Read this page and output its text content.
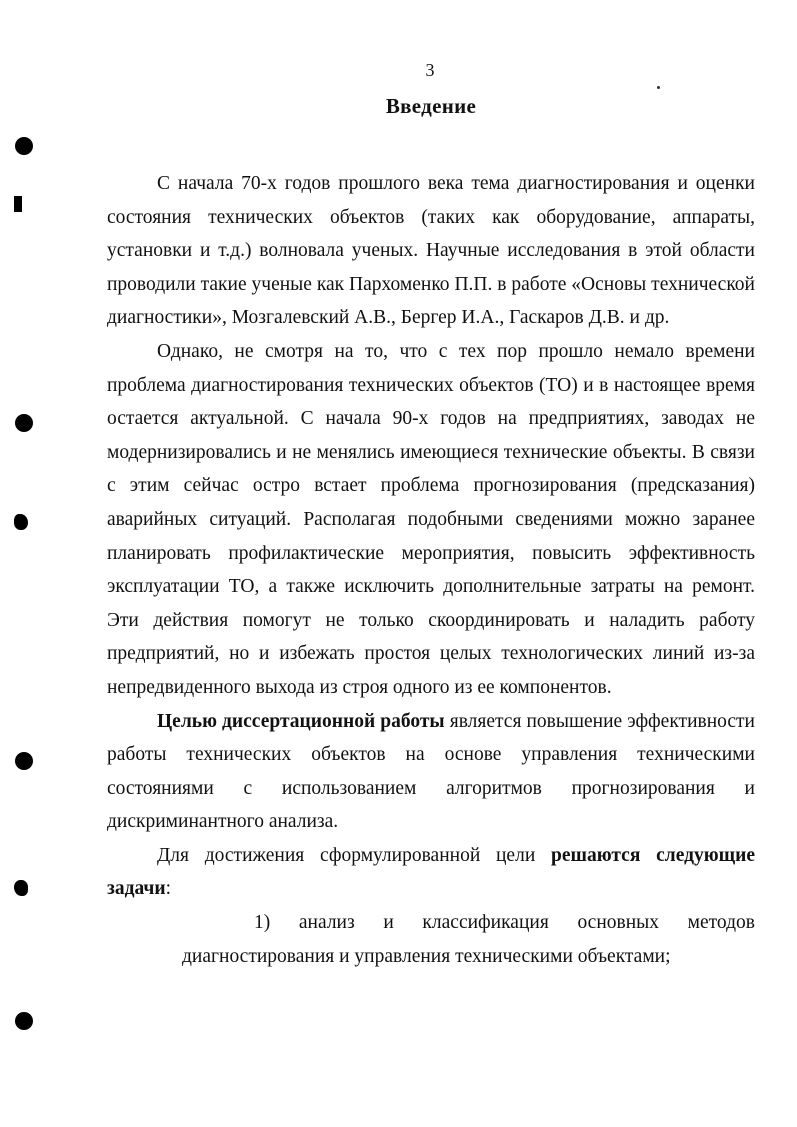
3
Введение

С начала 70-х годов прошлого века тема диагностирования и оценки состояния технических объектов (таких как оборудование, аппараты, установки и т.д.) волновала ученых. Научные исследования в этой области проводили такие ученые как Пархоменко П.П. в работе «Основы технической диагностики», Мозгалевский А.В., Бергер И.А., Гаскаров Д.В. и др.

Однако, не смотря на то, что с тех пор прошло немало времени проблема диагностирования технических объектов (ТО) и в настоящее время остается актуальной. С начала 90-х годов на предприятиях, заводах не модернизировались и не менялись имеющиеся технические объекты. В связи с этим сейчас остро встает проблема прогнозирования (предсказания) аварийных ситуаций. Располагая подобными сведениями можно заранее планировать профилактические мероприятия, повысить эффективность эксплуатации ТО, а также исключить дополнительные затраты на ремонт. Эти действия помогут не только скоординировать и наладить работу предприятий, но и избежать простоя целых технологических линий из-за непредвиденного выхода из строя одного из ее компонентов.

Целью диссертационной работы является повышение эффективности работы технических объектов на основе управления техническими состояниями с использованием алгоритмов прогнозирования и дискриминантного анализа.

Для достижения сформулированной цели решаются следующие задачи:

1) анализ и классификация основных методов
диагностирования и управления техническими объектами;
